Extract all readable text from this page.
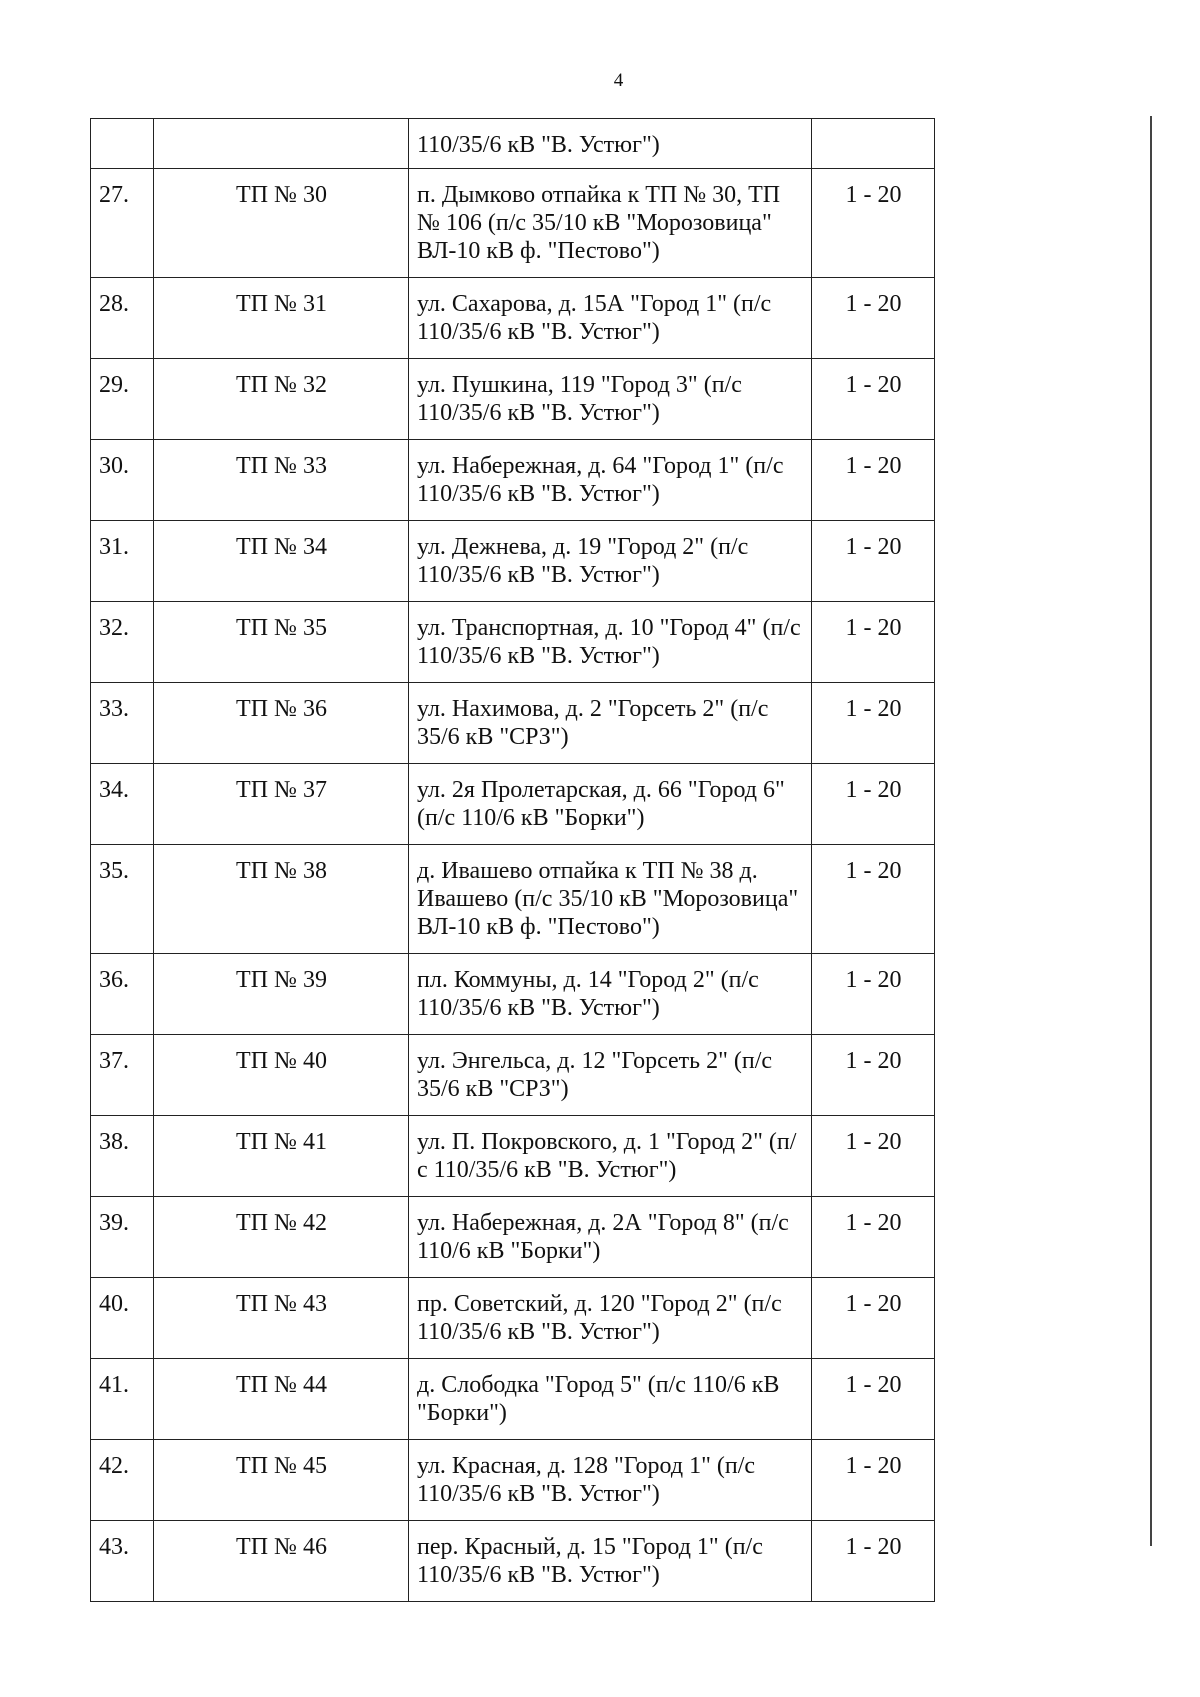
4
		110/35/6 кВ "В. Устюг")	
27.	ТП № 30	п. Дымково отпайка к ТП № 30, ТП № 106 (п/с 35/10 кВ "Морозовица" ВЛ-10 кВ ф. "Пестово")	1 - 20
28.	ТП № 31	ул. Сахарова, д. 15А "Город 1" (п/с 110/35/6 кВ "В. Устюг")	1 - 20
29.	ТП № 32	ул. Пушкина, 119 "Город 3" (п/с 110/35/6 кВ "В. Устюг")	1 - 20
30.	ТП № 33	ул. Набережная, д. 64 "Город 1" (п/с 110/35/6 кВ "В. Устюг")	1 - 20
31.	ТП № 34	ул. Дежнева, д. 19 "Город 2" (п/с 110/35/6 кВ "В. Устюг")	1 - 20
32.	ТП № 35	ул. Транспортная, д. 10 "Город 4" (п/с 110/35/6 кВ "В. Устюг")	1 - 20
33.	ТП № 36	ул. Нахимова, д. 2 "Горсеть 2" (п/с 35/6 кВ "СРЗ")	1 - 20
34.	ТП № 37	ул. 2я Пролетарская, д. 66 "Город 6" (п/с 110/6 кВ "Борки")	1 - 20
35.	ТП № 38	д. Ивашево отпайка к ТП № 38 д. Ивашево (п/с 35/10 кВ "Морозовица" ВЛ-10 кВ ф. "Пестово")	1 - 20
36.	ТП № 39	пл. Коммуны, д. 14 "Город 2" (п/с 110/35/6 кВ "В. Устюг")	1 - 20
37.	ТП № 40	ул. Энгельса, д. 12 "Горсеть 2" (п/с 35/6 кВ "СРЗ")	1 - 20
38.	ТП № 41	ул. П. Покровского, д. 1 "Город 2" (п/с 110/35/6 кВ "В. Устюг")	1 - 20
39.	ТП № 42	ул. Набережная, д. 2А "Город 8" (п/с 110/6 кВ "Борки")	1 - 20
40.	ТП № 43	пр. Советский, д. 120 "Город 2" (п/с 110/35/6 кВ "В. Устюг")	1 - 20
41.	ТП № 44	д. Слободка "Город 5" (п/с 110/6 кВ "Борки")	1 - 20
42.	ТП № 45	ул. Красная, д. 128 "Город 1" (п/с 110/35/6 кВ "В. Устюг")	1 - 20
43.	ТП № 46	пер. Красный, д. 15 "Город 1" (п/с 110/35/6 кВ "В. Устюг")	1 - 20
